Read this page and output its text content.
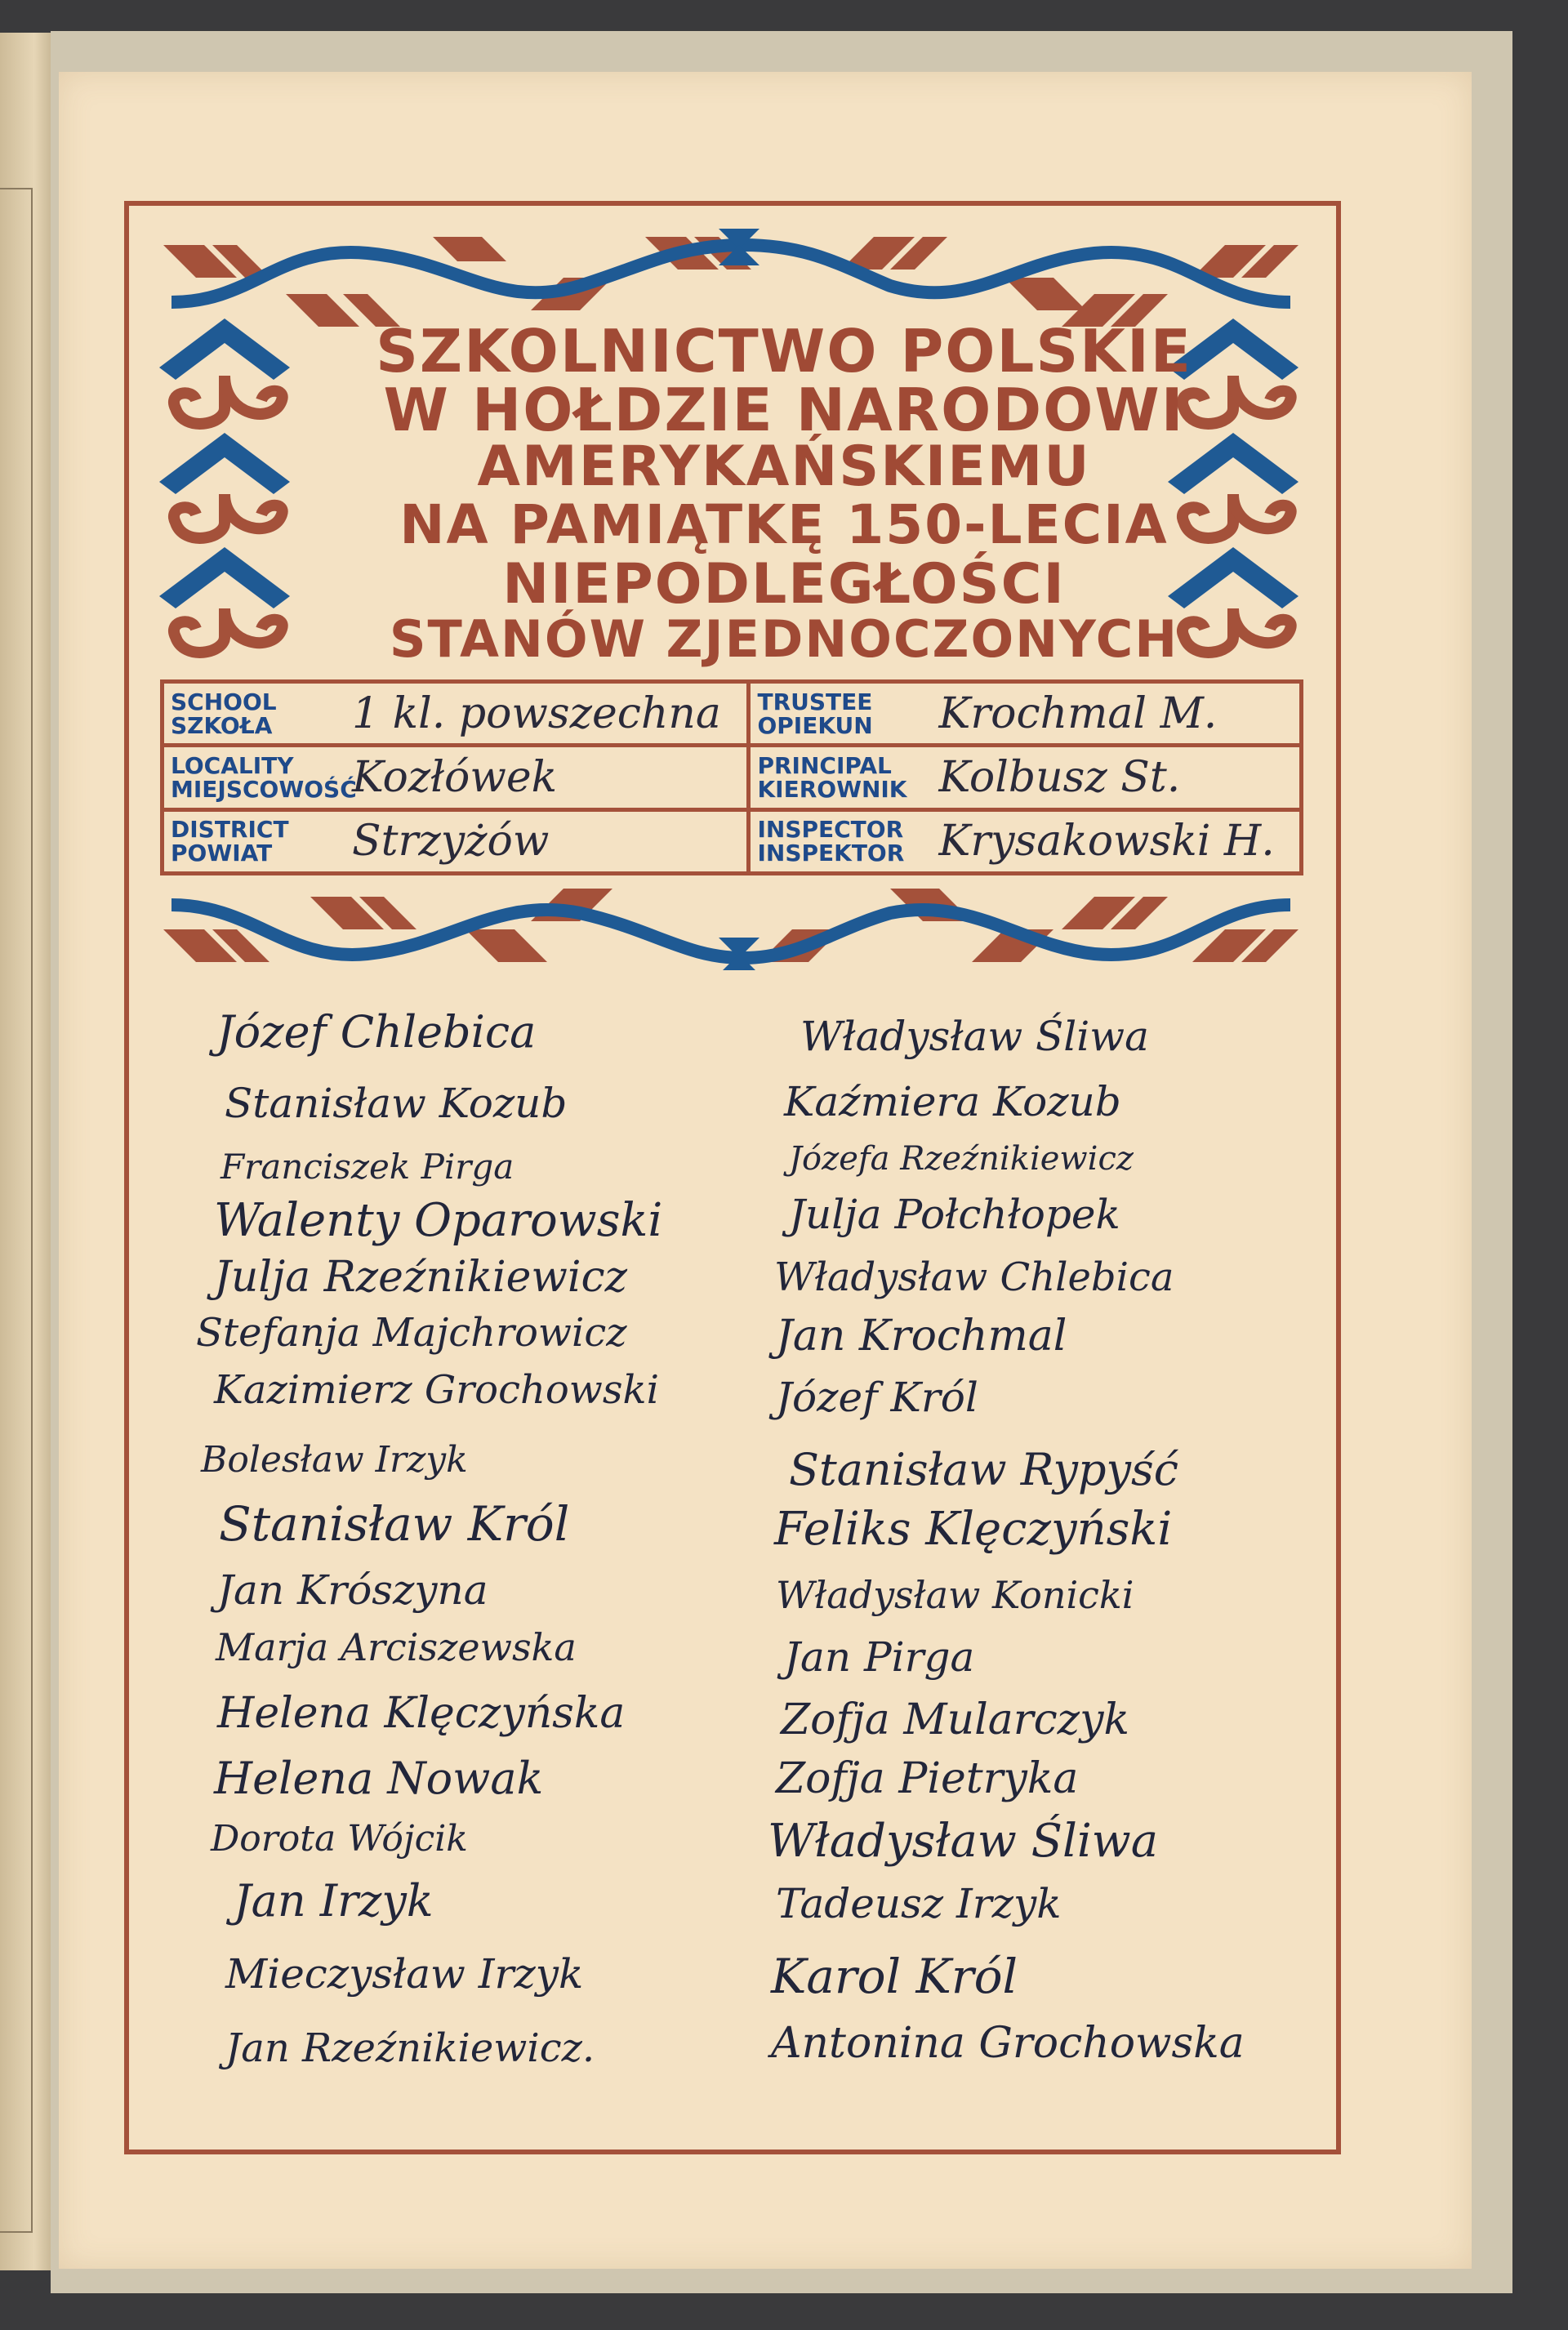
SZKOLNICTWO POLSKIE
W HOŁDZIE NARODOWI
AMERYKAŃSKIEMU
NA PAMIĄTKĘ 150-LECIA
NIEPODLEGŁOŚCI
STANÓW ZJEDNOCZONYCH
SCHOOL SZKOŁA 1 kl. powszechna	TRUSTEE OPIEKUN Krochmal M.
LOCALITY MIEJSCOWOŚĆKozłówek	PRINCIPAL KIEROWNIK Kolbusz St.
DISTRICT POWIAT Strzyżów	INSPECTOR INSPEKTOR Krysakowski H.
Józef Chlebica
Stanisław Kozub
Franciszek Pirga
Walenty Oparowski
Julja Rzeźnikiewicz
Stefanja Majchrowicz
Kazimierz Grochowski
Bolesław Irzyk
Stanisław Król
Jan Krószyna
Marja Arciszewska
Helena Klęczyńska
Helena Nowak
Dorota Wójcik
Jan Irzyk
Mieczysław Irzyk
Jan Rzeźnikiewicz.
Władysław Śliwa
Kaźmiera Kozub
Józefa Rzeźnikiewicz
Julja Połchłopek
Władysław Chlebica
Jan Krochmal
Józef Król
Stanisław Rypyść
Feliks Klęczyński
Władysław Konicki
Jan Pirga
Zofja Mularczyk
Zofja Pietryka
Władysław Śliwa
Tadeusz Irzyk
Karol Król
Antonina Grochowska
